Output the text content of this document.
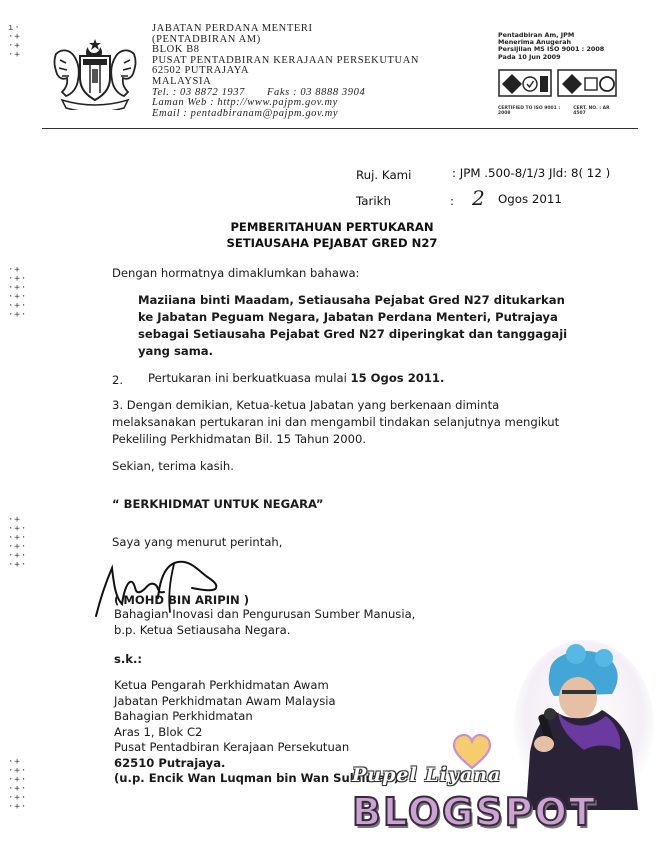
ı·
·+
·+
·+
·+
·+·
·+·
·+·
·+·
·+·
·+
·+·
·+·
·+·
·+·
·+·
·+
·+·
·+·
·+·
·+·
·+·
JABATAN PERDANA MENTERI
(PENTADBIRAN AM)
BLOK B8
PUSAT PENTADBIRAN KERAJAAN PERSEKUTUAN
62502 PUTRAJAYA
MALAYSIA
Tel. : 03 8872 1937 Faks : 03 8888 3904
Laman Web : http://www.pajpm.gov.my
Email : pentadbiranam@pajpm.gov.my
Pentadbiran Am, JPM
Menerima Anugerah
Persijilan MS ISO 9001 : 2008
Pada 10 Jun 2009
CERTIFIED TO ISO 9001 : 2008
CERT. NO. : AR 4507
Ruj. Kami	: JPM .500-8/1/3 Jld: 8( 12 )
Tarikh	: 2 Ogos 2011
PEMBERITAHUAN PERTUKARAN
SETIAUSAHA PEJABAT GRED N27
Dengan hormatnya dimaklumkan bahawa:
Maziiana binti Maadam, Setiausaha Pejabat Gred N27 ditukarkan
ke Jabatan Peguam Negara, Jabatan Perdana Menteri, Putrajaya
sebagai Setiausaha Pejabat Gred N27 diperingkat dan tanggagaji
yang sama.
2. Pertukaran ini berkuatkuasa mulai 15 Ogos 2011.
3. Dengan demikian, Ketua-ketua Jabatan yang berkenaan diminta
melaksanakan pertukaran ini dan mengambil tindakan selanjutnya mengikut
Pekeliling Perkhidmatan Bil. 15 Tahun 2000.
Sekian, terima kasih.
“ BERKHIDMAT UNTUK NEGARA”
Saya yang menurut perintah,
( MOHD BIN ARIPIN )
Bahagian Inovasi dan Pengurusan Sumber Manusia,
b.p. Ketua Setiausaha Negara.
s.k.:
Ketua Pengarah Perkhidmatan Awam
Jabatan Perkhidmatan Awam Malaysia
Bahagian Perkhidmatan
Aras 1, Blok C2
Pusat Pentadbiran Kerajaan Persekutuan
62510 Putrajaya.
(u.p. Encik Wan Luqman bin Wan Sulaiman)
Pupel Liyana
BLOGSPOT
